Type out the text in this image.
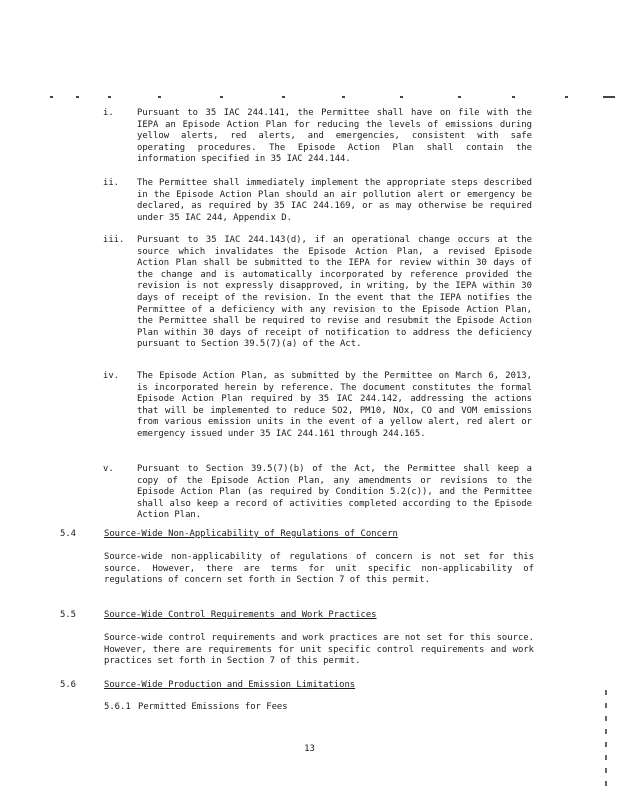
i.	Pursuant to 35 IAC 244.141, the Permittee shall have on file with the IEPA an Episode Action Plan for reducing the levels of emissions during yellow alerts, red alerts, and emergencies, consistent with safe operating procedures. The Episode Action Plan shall contain the information specified in 35 IAC 244.144.
ii. The Permittee shall immediately implement the appropriate steps described in the Episode Action Plan should an air pollution alert or emergency be declared, as required by 35 IAC 244.169, or as may otherwise be required under 35 IAC 244, Appendix D.
iii. Pursuant to 35 IAC 244.143(d), if an operational change occurs at the source which invalidates the Episode Action Plan, a revised Episode Action Plan shall be submitted to the IEPA for review within 30 days of the change and is automatically incorporated by reference provided the revision is not expressly disapproved, in writing, by the IEPA within 30 days of receipt of the revision. In the event that the IEPA notifies the Permittee of a deficiency with any revision to the Episode Action Plan, the Permittee shall be required to revise and resubmit the Episode Action Plan within 30 days of receipt of notification to address the deficiency pursuant to Section 39.5(7)(a) of the Act.
iv. The Episode Action Plan, as submitted by the Permittee on March 6, 2013, is incorporated herein by reference. The document constitutes the formal Episode Action Plan required by 35 IAC 244.142, addressing the actions that will be implemented to reduce SO2, PM10, NOx, CO and VOM emissions from various emission units in the event of a yellow alert, red alert or emergency issued under 35 IAC 244.161 through 244.165.
v.	Pursuant to Section 39.5(7)(b) of the Act, the Permittee shall keep a copy of the Episode Action Plan, any amendments or revisions to the Episode Action Plan (as required by Condition 5.2(c)), and the Permittee shall also keep a record of activities completed according to the Episode Action Plan.
5.4	Source-Wide Non-Applicability of Regulations of Concern
Source-wide non-applicability of regulations of concern is not set for this source. However, there are terms for unit specific non-applicability of regulations of concern set forth in Section 7 of this permit.
5.5	Source-Wide Control Requirements and Work Practices
Source-wide control requirements and work practices are not set for this source. However, there are requirements for unit specific control requirements and work practices set forth in Section 7 of this permit.
5.6	Source-Wide Production and Emission Limitations
5.6.1 Permitted Emissions for Fees
13
